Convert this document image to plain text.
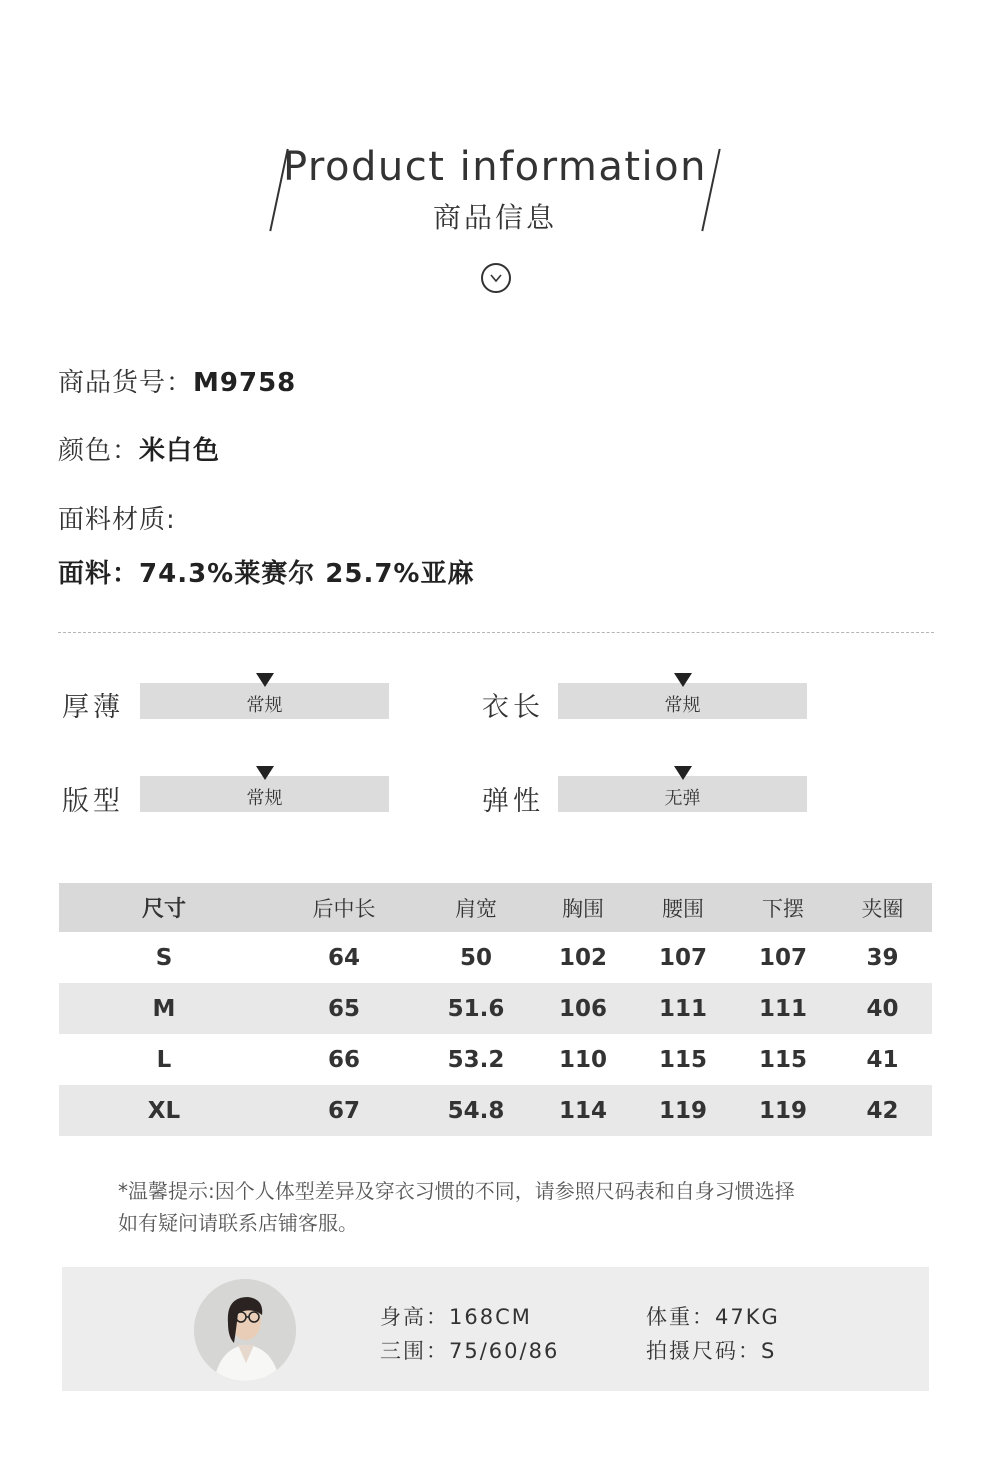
Product information
商品信息
商品货号：M9758
颜色：米白色
面料材质:
面料：74.3%莱赛尔 25.7%亚麻
厚薄	常规	衣长	常规
版型	常规	弹性	无弹
尺寸	后中长	肩宽	胸围	腰围	下摆	夹圈
S	64	50	102	107	107	39
M	65	51.6	106	111	111	40
L	66	53.2	110	115	115	41
XL	67	54.8	114	119	119	42
*温馨提示:因个人体型差异及穿衣习惯的不同，请参照尺码表和自身习惯选择
如有疑问请联系店铺客服。
身高：168CM	体重：47KG
三围：75/60/86	拍摄尺码：S
